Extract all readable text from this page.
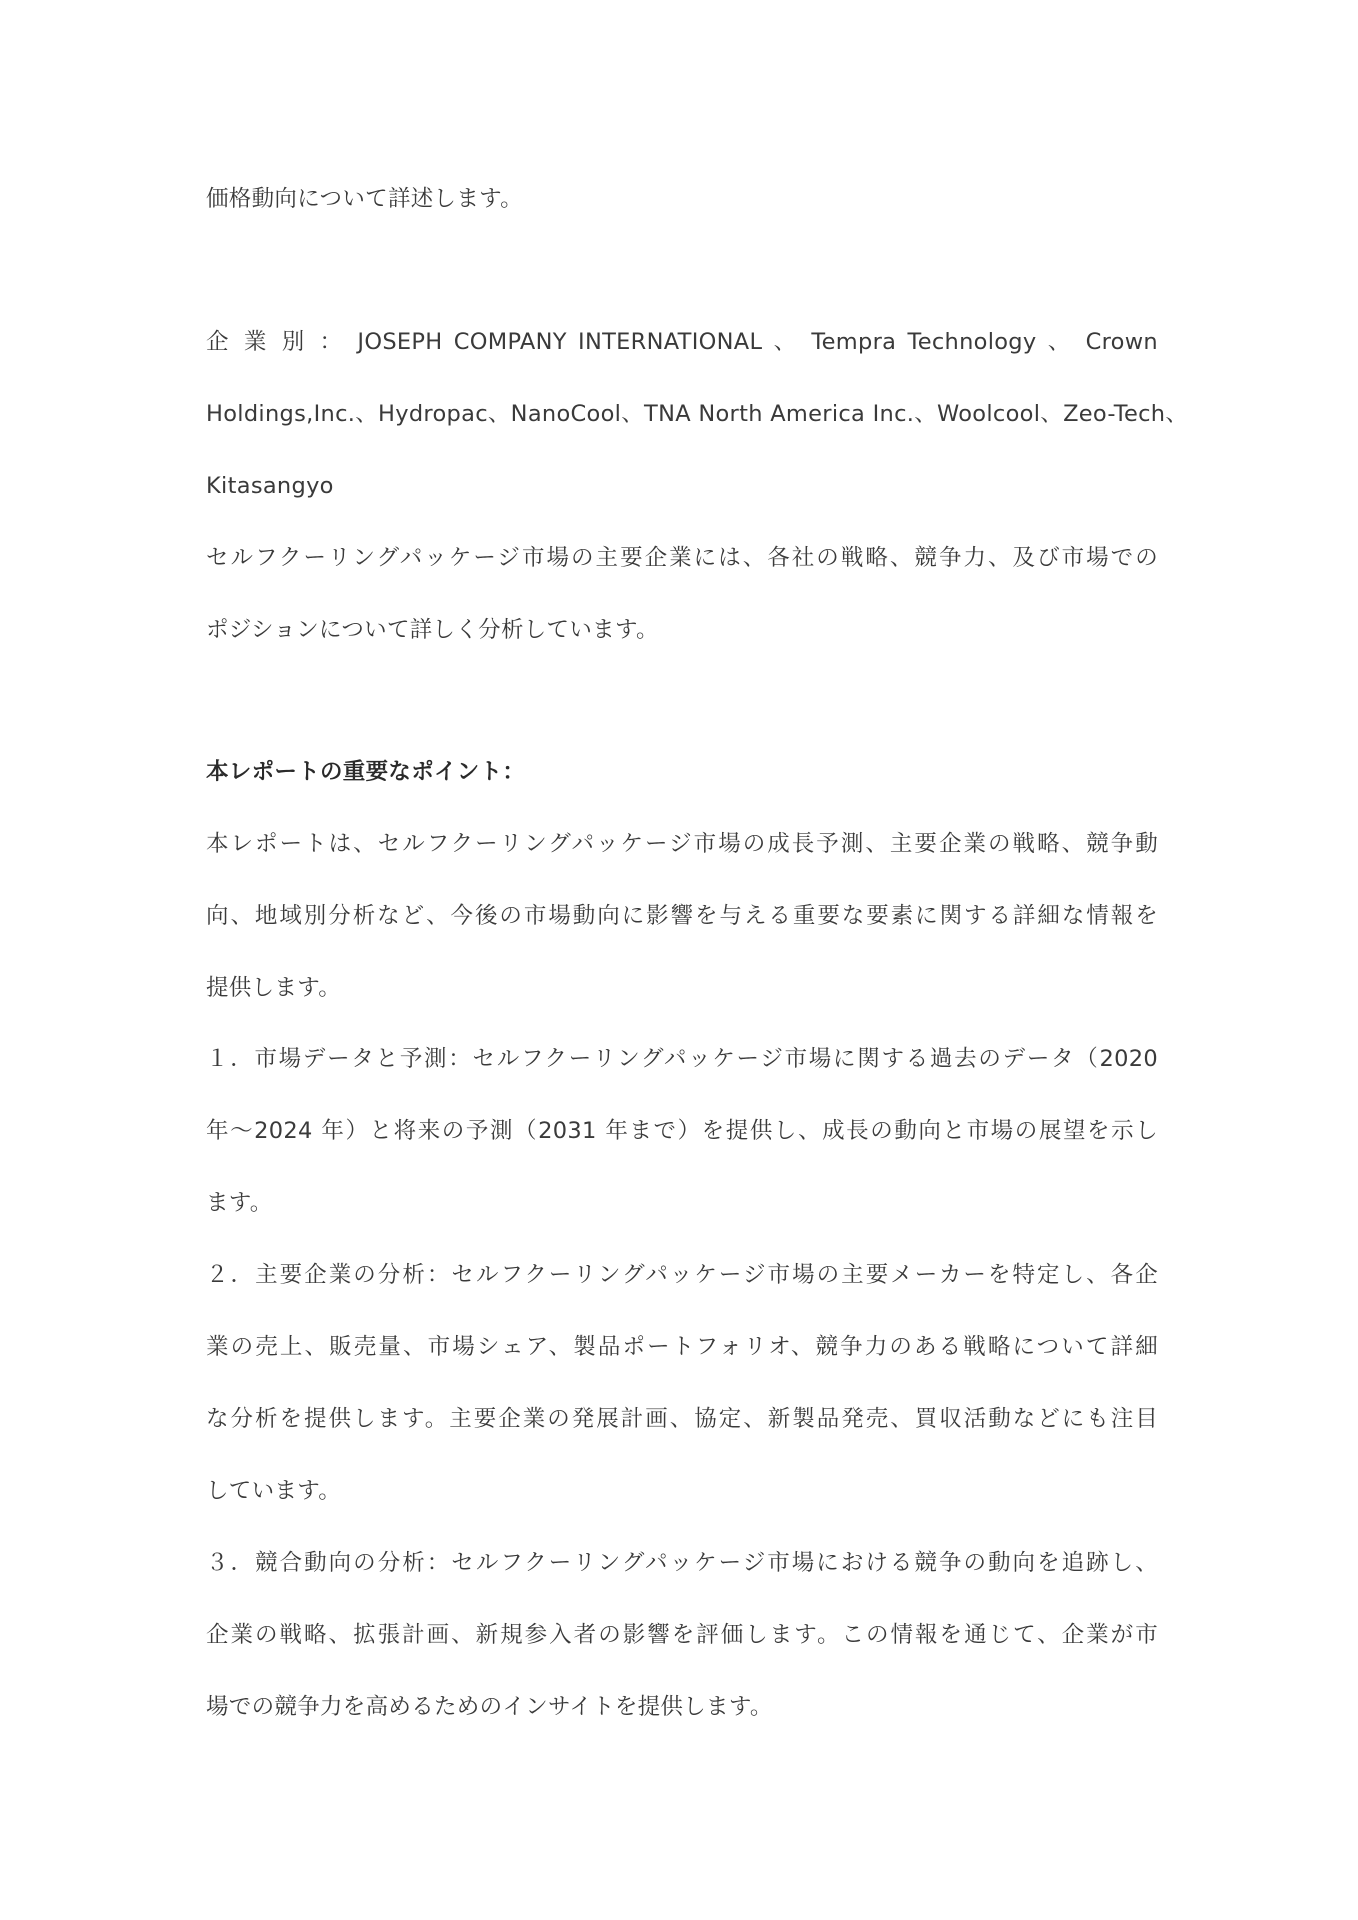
価格動向について詳述します。

企 業 別 ： JOSEPH COMPANY INTERNATIONAL 、 Tempra Technology 、 Crown

Holdings,Inc.、Hydropac、NanoCool、TNA North America Inc.、Woolcool、Zeo-Tech、

Kitasangyo

セルフクーリングパッケージ市場の主要企業には、各社の戦略、競争力、及び市場での

ポジションについて詳しく分析しています。

本レポートの重要なポイント：

本レポートは、セルフクーリングパッケージ市場の成長予測、主要企業の戦略、競争動

向、地域別分析など、今後の市場動向に影響を与える重要な要素に関する詳細な情報を

提供します。

１．市場データと予測：セルフクーリングパッケージ市場に関する過去のデータ（2020

年～2024 年）と将来の予測（2031 年まで）を提供し、成長の動向と市場の展望を示し

ます。

２．主要企業の分析：セルフクーリングパッケージ市場の主要メーカーを特定し、各企

業の売上、販売量、市場シェア、製品ポートフォリオ、競争力のある戦略について詳細

な分析を提供します。主要企業の発展計画、協定、新製品発売、買収活動などにも注目

しています。

３．競合動向の分析：セルフクーリングパッケージ市場における競争の動向を追跡し、

企業の戦略、拡張計画、新規参入者の影響を評価します。この情報を通じて、企業が市

場での競争力を高めるためのインサイトを提供します。
